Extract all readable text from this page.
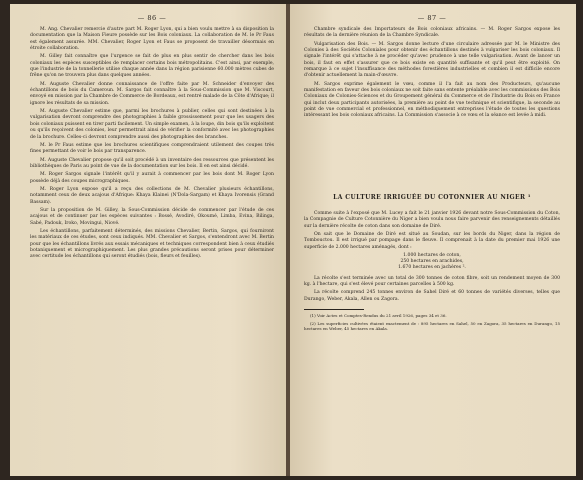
— 86 —

M. Ang. Chevalier remercie d'autre part M. Roger Lyon, qui a bien voulu mettre à sa disposition la documentation que la Maison Fieure possède sur les Bois coloniaux. La collaboration de M. le Pr Faus est également assurée. MM. Chevalier, Roger Lyon et Faus se proposent de travailler désormais en étroite collaboration.

M. Gilley fait connaître que l'urgence se fait de plus en plus sentir de chercher dans les bois coloniaux les espèces susceptibles de remplacer certains bois métropolitains. C'est ainsi, par exemple, que l'industrie de la tonnellerie utilise chaque année dans la région parisienne 60.000 mètres cubes de frêne qu'on ne trouvera plus dans quelques années.

M. Auguste Chevalier donne connaissance de l'offre faite par M. Schneider d'envoyer des échantillons de bois du Cameroun. M. Sargos fait connaître à la Sous-Commission que M. Viscourt, envoyé en mission par la Chambre de Commerce de Bordeaux, est rentré malade de la Côte d'Afrique; il ignore les résultats de sa mission.

M. Auguste Chevalier estime que, parmi les brochures à publier, celles qui sont destinées à la vulgarisation devront comprendre des photographies à faible grossissement pour que les usagers des bois coloniaux puissent en tirer parti facilement. Un simple examen, à la loupe, din bois qu'ils exploitent ou qu'ils reçoivent des colonies, leur permettrait ainsi de vérifier la conformité avec les photographies de la brochure. Celles-ci devront comprendre aussi des photographies des branches.

M. le Pr Faus estime que les brochures scientifiques comprendraient utilement des coupes très fines permettant de voir le bois par transparence.

M. Auguste Chevalier propose qu'il soit procédé à un inventaire des ressources que présentent les bibliothèques de Paris au point de vue de la documentation sur les bois. Il en est ainsi décidé.

M. Roger Sargos signale l'intérêt qu'il y aurait à commencer par les bois dont M. Roger Lyon possède déjà des coupes micrographiques.

M. Roger Lyon expose qu'il a reçu des collections de M. Chevalier plusieurs échantillons, notamment ceux de deux acajous d'Afrique: Khaya Klainei (N'Dola-Sargam) et Khaya Ivorensis (Grand Bassam).

Sur la proposition de M. Gilley, la Sous-Commission décide de commencer par l'étude de ces acajous et de continuer par les espèces suivantes : Bossé, Avodiré, Okoumé, Limba, Evina, Bilinga, Sabé, Padouk, Iroko, Movingui, Niové.

Les échantillons, parfaitement déterminés, des missions Chevalier, Bertin, Sargos, qui fourniront les matériaux de ces études, sont ceux indiqués. MM. Chevalier et Sargos, s'entendront avec M. Bertin pour que les échantillons livrés aux essais mécaniques et techniques correspondent bien à ceux étudiés botaniquement et micrographiquement. Les plus grandes précautions seront prises pour déterminer avec certitude les échantillons qui seront étudiés (bois, fleurs et feuilles).

— 87 —

Chambre syndicale des Importateurs de Bois coloniaux africains. — M. Roger Sargos expose les résultats de la dernière réunion de la Chambre Syndicale.

Vulgarisation des Bois. — M. Sargos donne lecture d'une circulaire adressée par M. le Ministre des Colonies à des Sociétés Coloniales pour obtenir des échantillons destinés à vulgariser les bois coloniaux. Il signale l'intérêt qui s'attache à ne procéder qu'avec prudence à une telle vulgarisation. Avant de lancer un bois, il faut en effet s'assurer que ce bois existe en quantité suffisante et qu'il peut être exploité. On remarque à ce sujet l'insuffisance des méthodes forestières industrielles et combien il est difficile encore d'obtenir actuellement la main-d'œuvre.

M. Sargos exprime également le vœu, comme il l'a fait au nom des Producteurs, qu'aucune manifestation en faveur des bois coloniaux ne soit faite sans entente préalable avec les commissions des Bois Coloniaux de Colonies-Sciences et du Groupement général du Commerce et de l'Industrie du Bois en France qui inclut deux participants autorisées, la première au point de vue technique et scientifique, la seconde au point de vue commercial et professionnel, en méthodiquement entreprises l'étude de toutes les questions intéressant les bois coloniaux africains. La Commission s'associe à ce vœu et la séance est levée à midi.

LA CULTURE IRRIGUÉE DU COTONNIER AU NIGER ¹

Comme suite à l'exposé que M. Lucey a fait le 21 janvier 1926 devant notre Sous-Commission du Coton, la Compagnie de Culture Cotonnière du Niger a bien voulu nous faire parvenir des renseignements détaillés sur la dernière récolte de coton dans son domaine de Diré.

On sait que le Domaine de Diré est situé au Soudan, sur les bords du Niger, dans la région de Tombouctou. Il est irrigué par pompage dans le fleuve. Il comprenait à la date du premier mai 1926 une superficie de 2.000 hectares aménagés, dont :

1.000 hectares de coton,
250 hectares en arachides,
1.670 hectares en jachères ².

La récolte s'est terminée avec un total de 300 tonnes de coton fibre, soit un rendement moyen de 300 kg. à l'hectare, qui s'est élevé pour certaines parcelles à 500 kg.

La récolte comprend 245 tonnes environ de Sahel Diré et 60 tonnes de variétés diverses, telles que Durango, Weber, Akala, Allen ou Zagora.

(1) Voir Actes et Comptes-Rendus du 21 avril 1926, pages 34 et 36.

(2) Les superficies cultivées étaient exactement de : 895 hectares en Sahel, 50 en Zagora, 35 hectares en Durango, 15 hectares en Weber, 45 hectares en Akala.
